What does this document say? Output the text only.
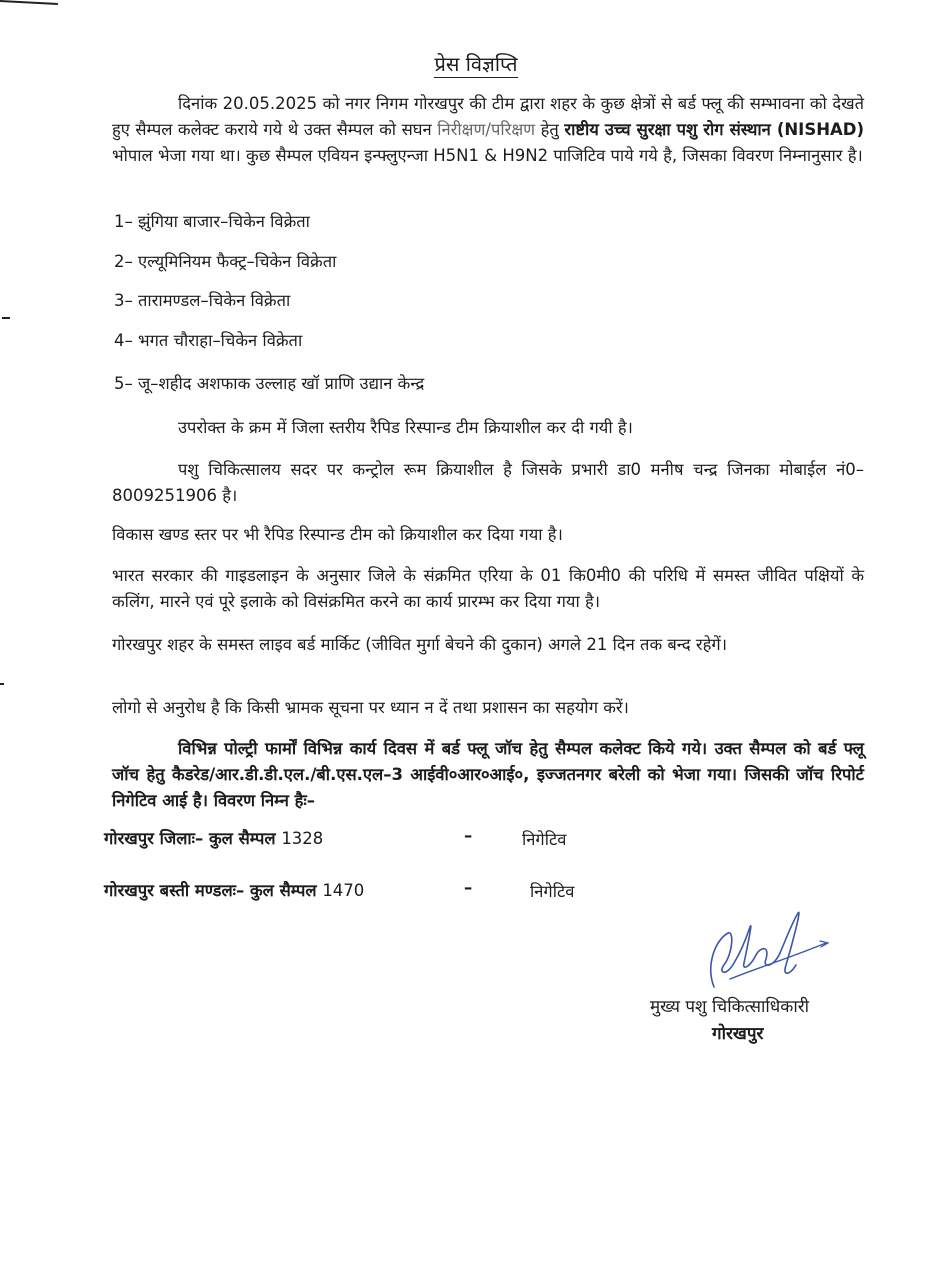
प्रेस विज्ञप्ति

दिनांक 20.05.2025 को नगर निगम गोरखपुर की टीम द्वारा शहर के कुछ क्षेत्रों से बर्ड फ्लू की सम्भावना को देखते हुए सैम्पल कलेक्ट कराये गये थे उक्त सैम्पल को सघन निरीक्षण/परिक्षण हेतु राष्टीय उच्च सुरक्षा पशु रोग संस्थान (NISHAD) भोपाल भेजा गया था। कुछ सैम्पल एवियन इन्फ्लुएन्जा H5N1 & H9N2 पाजिटिव पाये गये है, जिसका विवरण निम्नानुसार है।

1– झुंगिया बाजार–चिकेन विक्रेता
2– एल्यूमिनियम फैक्ट्र–चिकेन विक्रेता
3– तारामण्डल–चिकेन विक्रेता
4– भगत चौराहा–चिकेन विक्रेता
5– जू–शहीद अशफाक उल्लाह खॉ प्राणि उद्यान केन्द्र

उपरोक्त के क्रम में जिला स्तरीय रैपिड रिस्पान्ड टीम क्रियाशील कर दी गयी है।

पशु चिकित्सालय सदर पर कन्ट्रोल रूम क्रियाशील है जिसके प्रभारी डा0 मनीष चन्द्र जिनका मोबाईल नं0–8009251906 है।

विकास खण्ड स्तर पर भी रैपिड रिस्पान्ड टीम को क्रियाशील कर दिया गया है।

भारत सरकार की गाइडलाइन के अनुसार जिले के संक्रमित एरिया के 01 कि0मी0 की परिधि में समस्त जीवित पक्षियों के कलिंग, मारने एवं पूरे इलाके को विसंक्रमित करने का कार्य प्रारम्भ कर दिया गया है।

गोरखपुर शहर के समस्त लाइव बर्ड मार्किट (जीवित मुर्गा बेचने की दुकान) अगले 21 दिन तक बन्द रहेगें।

लोगो से अनुरोध है कि किसी भ्रामक सूचना पर ध्यान न दें तथा प्रशासन का सहयोग करें।

विभिन्न पोल्ट्री फार्मों विभिन्न कार्य दिवस में बर्ड फ्लू जॉच हेतु सैम्पल कलेक्ट किये गये। उक्त सैम्पल को बर्ड फ्लू जॉच हेतु कैडरेड/आर.डी.डी.एल./बी.एस.एल–3 आईवी०आर०आई०, इज्जतनगर बरेली को भेजा गया। जिसकी जॉच रिपोर्ट निगेटिव आई है। विवरण निम्न हैः–

गोरखपुर जिलाः– कुल सैम्पल 1328	–	निगेटिव
गोरखपुर बस्ती मण्डलः– कुल सैम्पल 1470	–	निगेटिव
मुख्य पशु चिकित्साधिकारी
गोरखपुर
